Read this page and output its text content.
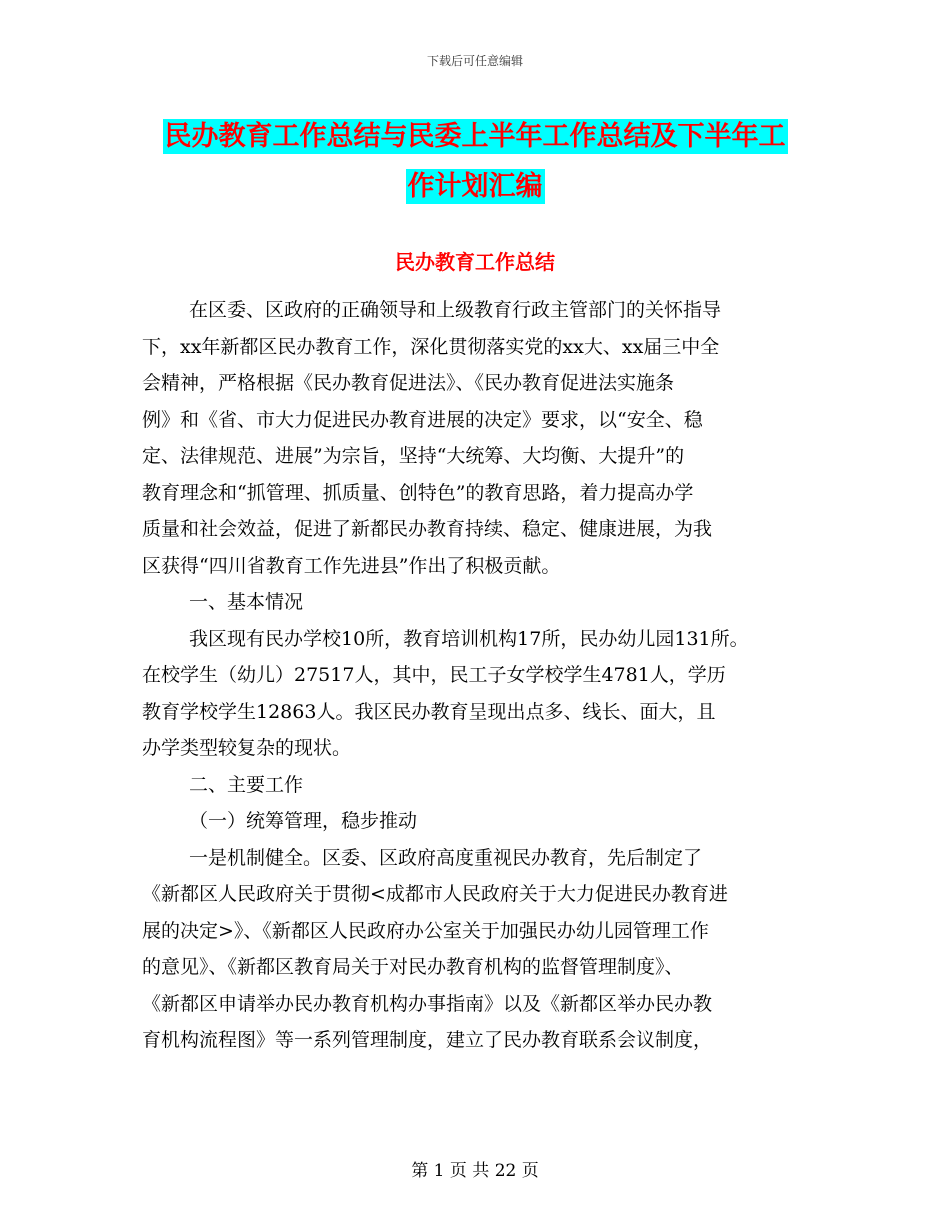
下载后可任意编辑
民办教育工作总结与民委上半年工作总结及下半年工
作计划汇编
民办教育工作总结
在区委、区政府的正确领导和上级教育行政主管部门的关怀指导
下，xx年新都区民办教育工作，深化贯彻落实党的xx大、xx届三中全
会精神，严格根据《民办教育促进法》、《民办教育促进法实施条
例》和《省、市大力促进民办教育进展的决定》要求，以“安全、稳
定、法律规范、进展”为宗旨，坚持“大统筹、大均衡、大提升”的
教育理念和“抓管理、抓质量、创特色”的教育思路，着力提高办学
质量和社会效益，促进了新都民办教育持续、稳定、健康进展，为我
区获得“四川省教育工作先进县”作出了积极贡献。
一、基本情况
我区现有民办学校10所，教育培训机构17所，民办幼儿园131所。
在校学生（幼儿）27517人，其中，民工子女学校学生4781人，学历
教育学校学生12863人。我区民办教育呈现出点多、线长、面大，且
办学类型较复杂的现状。
二、主要工作
（一）统筹管理，稳步推动
一是机制健全。区委、区政府高度重视民办教育，先后制定了
《新都区人民政府关于贯彻<成都市人民政府关于大力促进民办教育进
展的决定>》、《新都区人民政府办公室关于加强民办幼儿园管理工作
的意见》、《新都区教育局关于对民办教育机构的监督管理制度》、
《新都区申请举办民办教育机构办事指南》以及《新都区举办民办教
育机构流程图》等一系列管理制度，建立了民办教育联系会议制度，
第 1 页 共 22 页
